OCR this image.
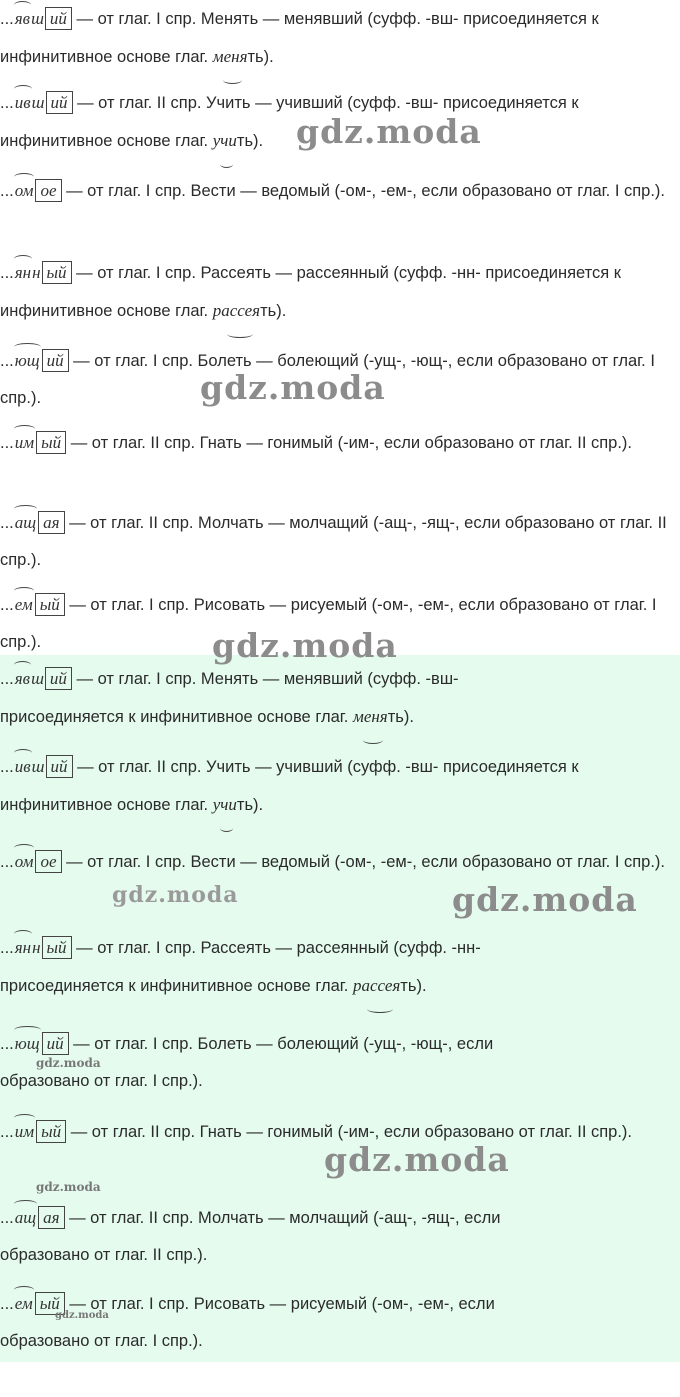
...явш ий — от глаг. I спр. Менять — менявший (суфф. -вш- присоединяется к инфинитивное основе глаг. менять).
...ивш ий — от глаг. II спр. Учить — учивший (суфф. -вш- присоединяется к инфинитивное основе глаг. учить).
...ом ое — от глаг. I спр. Вести — ведомый (-ом-, -ем-, если образовано от глаг. I спр.).
...янн ый — от глаг. I спр. Рассеять — рассеянный (суфф. -нн- присоединяется к инфинитивное основе глаг. рассеять).
...ющ ий — от глаг. I спр. Болеть — болеющий (-ущ-, -ющ-, если образовано от глаг. I спр.).
...им ый — от глаг. II спр. Гнать — гонимый (-им-, если образовано от глаг. II спр.).
...ащ ая — от глаг. II спр. Молчать — молчащий (-ащ-, -ящ-, если образовано от глаг. II спр.).
...ем ый — от глаг. I спр. Рисовать — рисуемый (-ом-, -ем-, если образовано от глаг. I спр.).
...явш ий — от глаг. I спр. Менять — менявший (суфф. -вш- присоединяется к инфинитивное основе глаг. менять).
...ивш ий — от глаг. II спр. Учить — учивший (суфф. -вш- присоединяется к инфинитивное основе глаг. учить).
...ом ое — от глаг. I спр. Вести — ведомый (-ом-, -ем-, если образовано от глаг. I спр.).
...янн ый — от глаг. I спр. Рассеять — рассеянный (суфф. -нн- присоединяется к инфинитивное основе глаг. рассеять).
...ющ ий — от глаг. I спр. Болеть — болеющий (-ущ-, -ющ-, если образовано от глаг. I спр.).
...им ый — от глаг. II спр. Гнать — гонимый (-им-, если образовано от глаг. II спр.).
...ащ ая — от глаг. II спр. Молчать — молчащий (-ащ-, -ящ-, если образовано от глаг. II спр.).
...ем ый — от глаг. I спр. Рисовать — рисуемый (-ом-, -ем-, если образовано от глаг. I спр.).
gdz.moda
gdz.moda
gdz.moda
gdz.moda	gdz.moda
gdz.moda
gdz.moda
gdz.moda
gdz.moda
